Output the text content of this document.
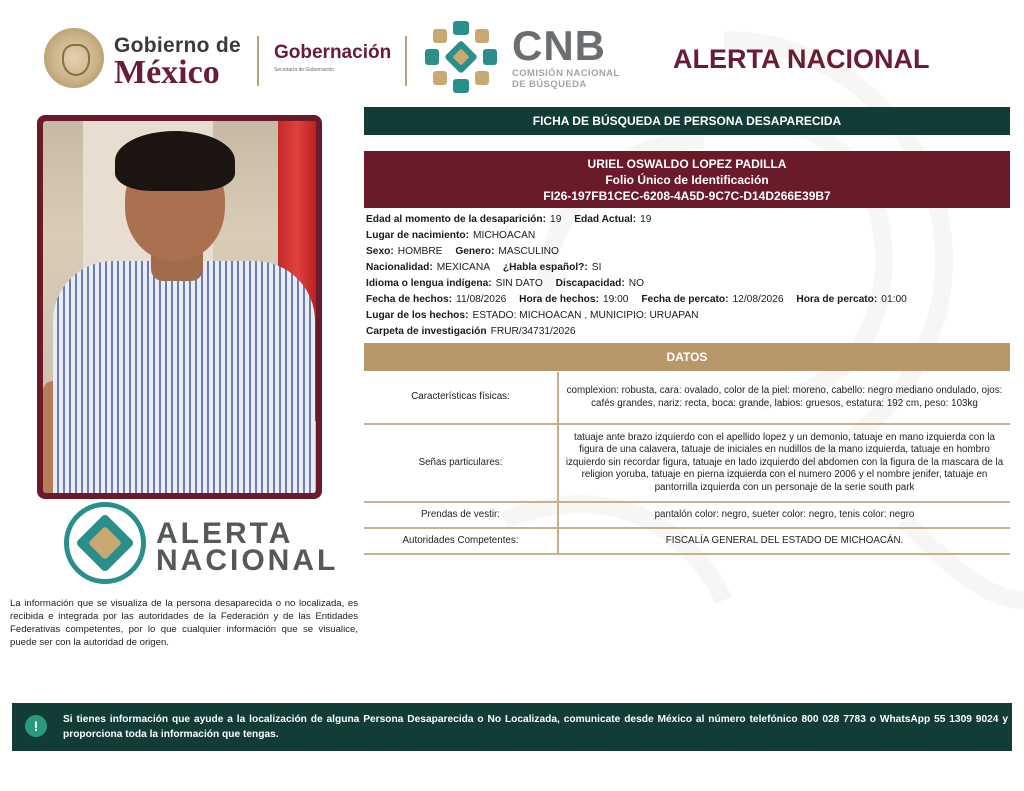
Gobierno de
México
Gobernación
Secretaría de Gobernación
CNB
COMISIÓN NACIONAL
DE BÚSQUEDA
ALERTA NACIONAL
ALERTA
NACIONAL
La información que se visualiza de la persona desaparecida o no localizada, es recibida e integrada por las autoridades de la Federación y de las Entidades Federativas competentes, por lo que cualquier información que se visualice, puede ser con la autoridad de origen.
FICHA DE BÚSQUEDA DE PERSONA DESAPARECIDA
URIEL OSWALDO LOPEZ PADILLA
Folio Único de Identificación
FI26-197FB1CEC-6208-4A5D-9C7C-D14D266E39B7
Edad al momento de la desaparición: 19 Edad Actual: 19
Lugar de nacimiento: MICHOACAN
Sexo: HOMBRE Genero: MASCULINO
Nacionalidad: MEXICANA ¿Habla español?: SI
Idioma o lengua indígena: SIN DATO Discapacidad: NO
Fecha de hechos: 11/08/2026 Hora de hechos: 19:00 Fecha de percato: 12/08/2026 Hora de percato: 01:00
Lugar de los hechos: ESTADO: MICHOACAN , MUNICIPIO: URUAPAN
Carpeta de investigación FRUR/34731/2026
DATOS
Características físicas:	complexion: robusta, cara: ovalado, color de la piel: moreno, cabello: negro mediano ondulado, ojos: cafés grandes, nariz: recta, boca: grande, labios: gruesos, estatura: 192 cm, peso: 103kg
Señas particulares:	tatuaje ante brazo izquierdo con el apellido lopez y un demonio, tatuaje en mano izquierda con la figura de una calavera, tatuaje de iniciales en nudillos de la mano izquierda, tatuaje en hombro izquierdo sin recordar figura, tatuaje en lado izquierdo del abdomen con la figura de la mascara de la religion yoruba, tatuaje en pierna izquierda con el numero 2006 y el nombre jenifer, tatuaje en pantorrilla izquierda con un personaje de la serie south park
Prendas de vestir:	pantalón color: negro, sueter color: negro, tenis color: negro
Autoridades Competentes:	FISCALÍA GENERAL DEL ESTADO DE MICHOACÁN.
!	Si tienes información que ayude a la localización de alguna Persona Desaparecida o No Localizada, comunicate desde México al número telefónico 800 028 7783 o WhatsApp 55 1309 9024 y proporciona toda la información que tengas.
